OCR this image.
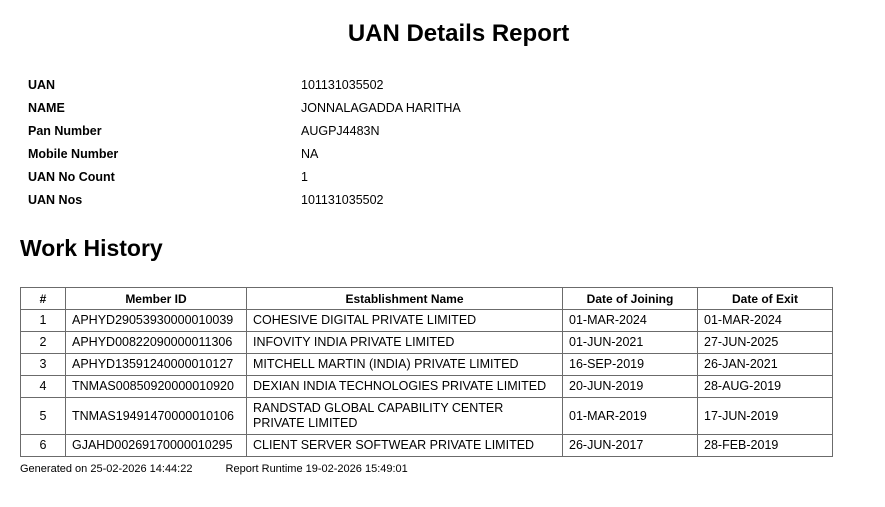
UAN Details Report
UAN	101131035502
NAME	JONNALAGADDA HARITHA
Pan Number	AUGPJ4483N
Mobile Number	NA
UAN No Count	1
UAN Nos	101131035502
Work History
#	Member ID	Establishment Name	Date of Joining	Date of Exit
1	APHYD29053930000010039	COHESIVE DIGITAL PRIVATE LIMITED	01-MAR-2024	01-MAR-2024
2	APHYD00822090000011306	INFOVITY INDIA PRIVATE LIMITED	01-JUN-2021	27-JUN-2025
3	APHYD13591240000010127	MITCHELL MARTIN (INDIA) PRIVATE LIMITED	16-SEP-2019	26-JAN-2021
4	TNMAS00850920000010920	DEXIAN INDIA TECHNOLOGIES PRIVATE LIMITED	20-JUN-2019	28-AUG-2019
5	TNMAS19491470000010106	RANDSTAD GLOBAL CAPABILITY CENTER PRIVATE LIMITED	01-MAR-2019	17-JUN-2019
6	GJAHD00269170000010295	CLIENT SERVER SOFTWEAR PRIVATE LIMITED	26-JUN-2017	28-FEB-2019
Generated on 25-02-2026 14:44:22	Report Runtime 19-02-2026 15:49:01
